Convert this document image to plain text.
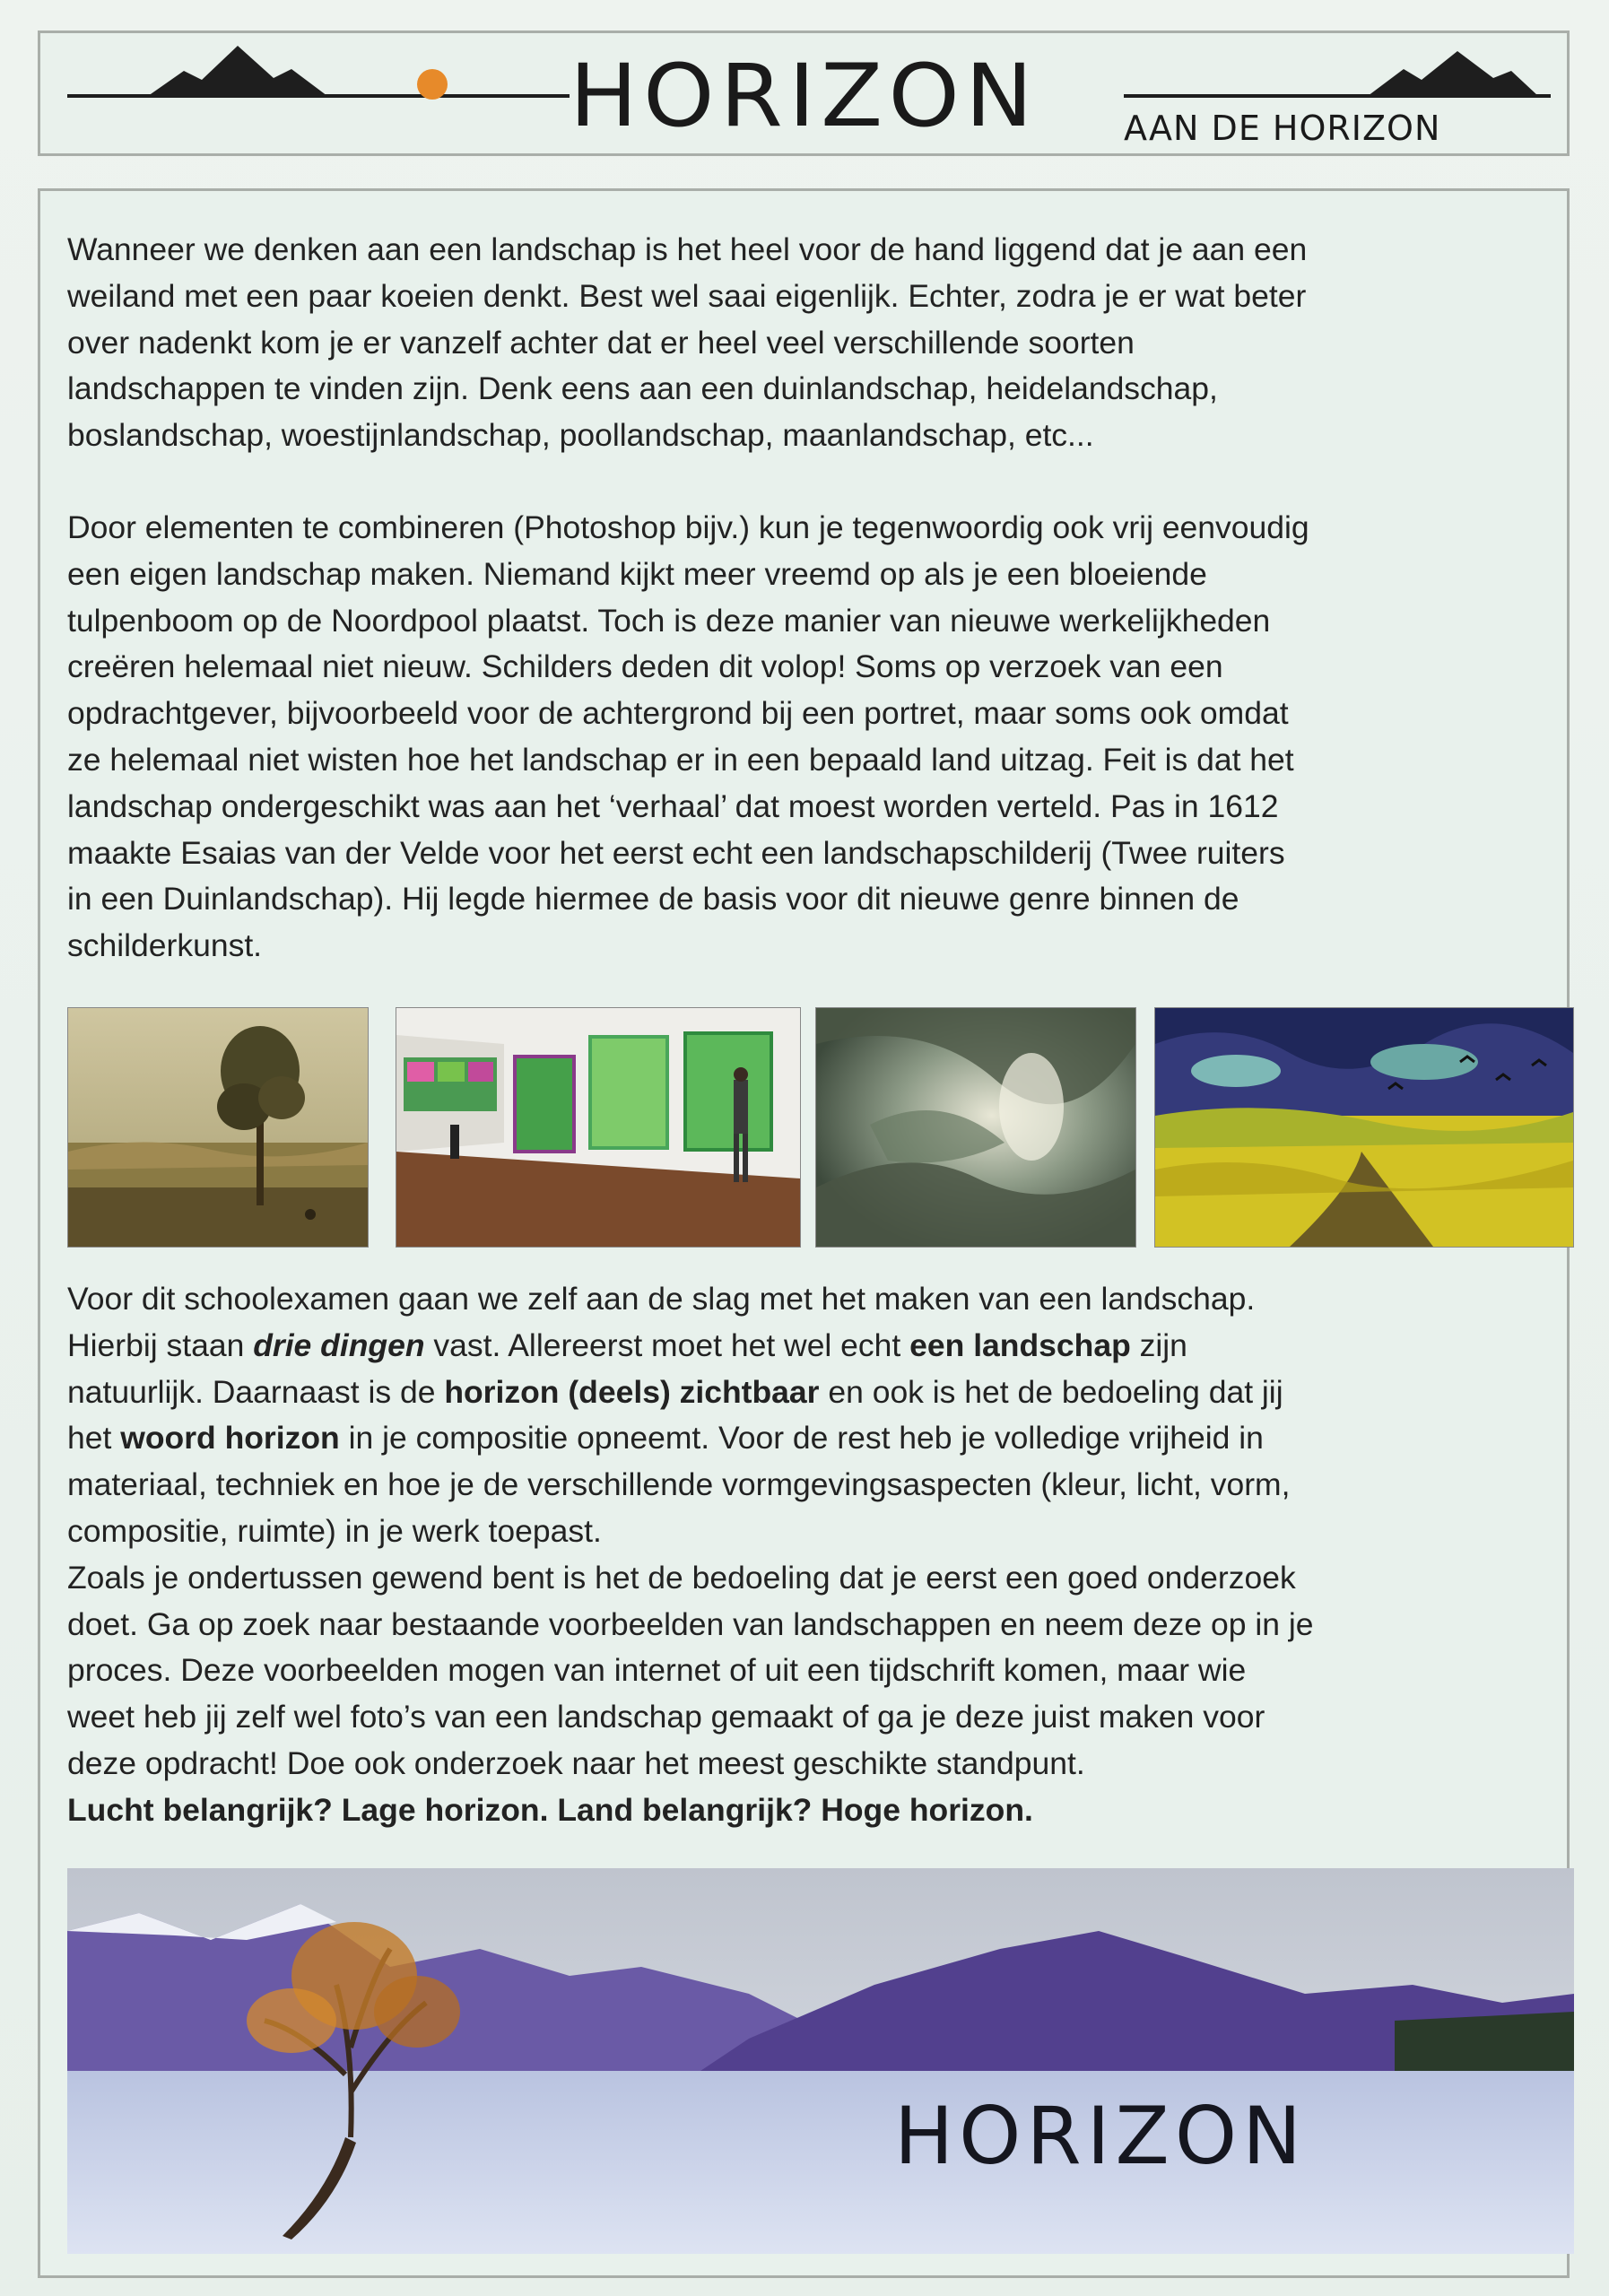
HORIZON	AAN DE HORIZON
Wanneer we denken aan een landschap is het heel voor de hand liggend dat je aan een
weiland met een paar koeien denkt. Best wel saai eigenlijk. Echter, zodra je er wat beter
over nadenkt kom je er vanzelf achter dat er heel veel verschillende soorten
landschappen te vinden zijn. Denk eens aan een duinlandschap, heidelandschap,
boslandschap, woestijnlandschap, poollandschap, maanlandschap, etc...
Door elementen te combineren (Photoshop bijv.) kun je tegenwoordig ook vrij eenvoudig
een eigen landschap maken. Niemand kijkt meer vreemd op als je een bloeiende
tulpenboom op de Noordpool plaatst. Toch is deze manier van nieuwe werkelijkheden
creëren helemaal niet nieuw. Schilders deden dit volop! Soms op verzoek van een
opdrachtgever, bijvoorbeeld voor de achtergrond bij een portret, maar soms ook omdat
ze helemaal niet wisten hoe het landschap er in een bepaald land uitzag. Feit is dat het
landschap ondergeschikt was aan het ‘verhaal’ dat moest worden verteld. Pas in 1612
maakte Esaias van der Velde voor het eerst echt een landschapschilderij (Twee ruiters
in een Duinlandschap). Hij legde hiermee de basis voor dit nieuwe genre binnen de
schilderkunst.
Voor dit schoolexamen gaan we zelf aan de slag met het maken van een landschap.
Hierbij staan drie dingen vast. Allereerst moet het wel echt een landschap zijn
natuurlijk. Daarnaast is de horizon (deels) zichtbaar en ook is het de bedoeling dat jij
het woord horizon in je compositie opneemt. Voor de rest heb je volledige vrijheid in
materiaal, techniek en hoe je de verschillende vormgevingsaspecten (kleur, licht, vorm,
compositie, ruimte) in je werk toepast.
Zoals je ondertussen gewend bent is het de bedoeling dat je eerst een goed onderzoek
doet. Ga op zoek naar bestaande voorbeelden van landschappen en neem deze op in je
proces. Deze voorbeelden mogen van internet of uit een tijdschrift komen, maar wie
weet heb jij zelf wel foto’s van een landschap gemaakt of ga je deze juist maken voor
deze opdracht! Doe ook onderzoek naar het meest geschikte standpunt.
Lucht belangrijk? Lage horizon. Land belangrijk? Hoge horizon.
HORIZON
